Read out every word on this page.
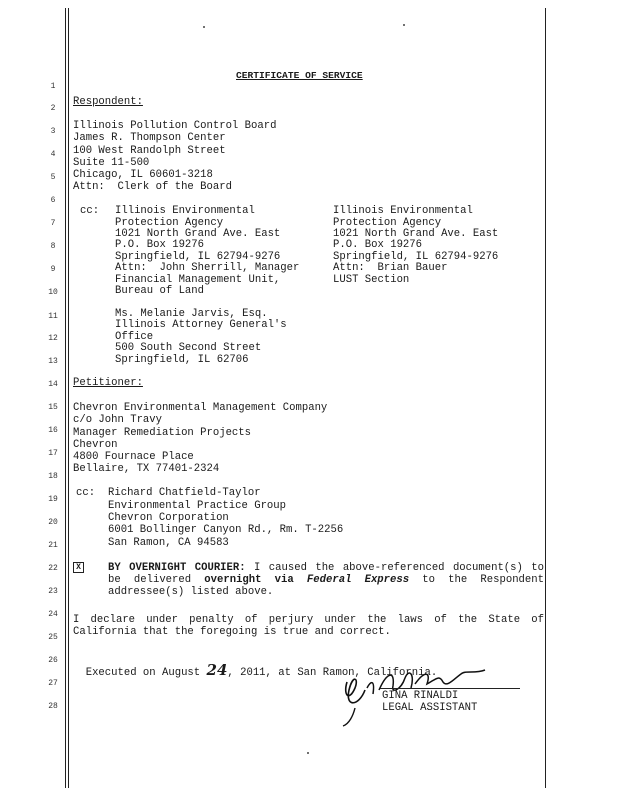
1
2
3
4
5
6
7
8
9
10
11
12
13
14
15
16
17
18
19
20
21
22
23
24
25
26
27
28
CERTIFICATE OF SERVICE
Respondent:
Illinois Pollution Control Board
James R. Thompson Center
100 West Randolph Street
Suite 11-500
Chicago, IL 60601-3218
Attn:  Clerk of the Board
cc: Illinois Environmental
Protection Agency
1021 North Grand Ave. East
P.O. Box 19276
Springfield, IL 62794-9276
Attn:  John Sherrill, Manager
Financial Management Unit,
Bureau of Land
Illinois Environmental
Protection Agency
1021 North Grand Ave. East
P.O. Box 19276
Springfield, IL 62794-9276
Attn:  Brian Bauer
LUST Section
Ms. Melanie Jarvis, Esq.
Illinois Attorney General's
Office
500 South Second Street
Springfield, IL 62706
Petitioner:
Chevron Environmental Management Company
c/o John Travy
Manager Remediation Projects
Chevron
4800 Fournace Place
Bellaire, TX 77401-2324
cc: Richard Chatfield-Taylor
Environmental Practice Group
Chevron Corporation
6001 Bollinger Canyon Rd., Rm. T-2256
San Ramon, CA 94583
X	BY OVERNIGHT COURIER: I caused the above-referenced document(s) to be delivered overnight via Federal Express to the Respondent addressee(s) listed above.
I declare under penalty of perjury under the laws of the State of California that the foregoing is true and correct.

Executed on August 24, 2011, at San Ramon, California.

GINA RINALDI
LEGAL ASSISTANT
